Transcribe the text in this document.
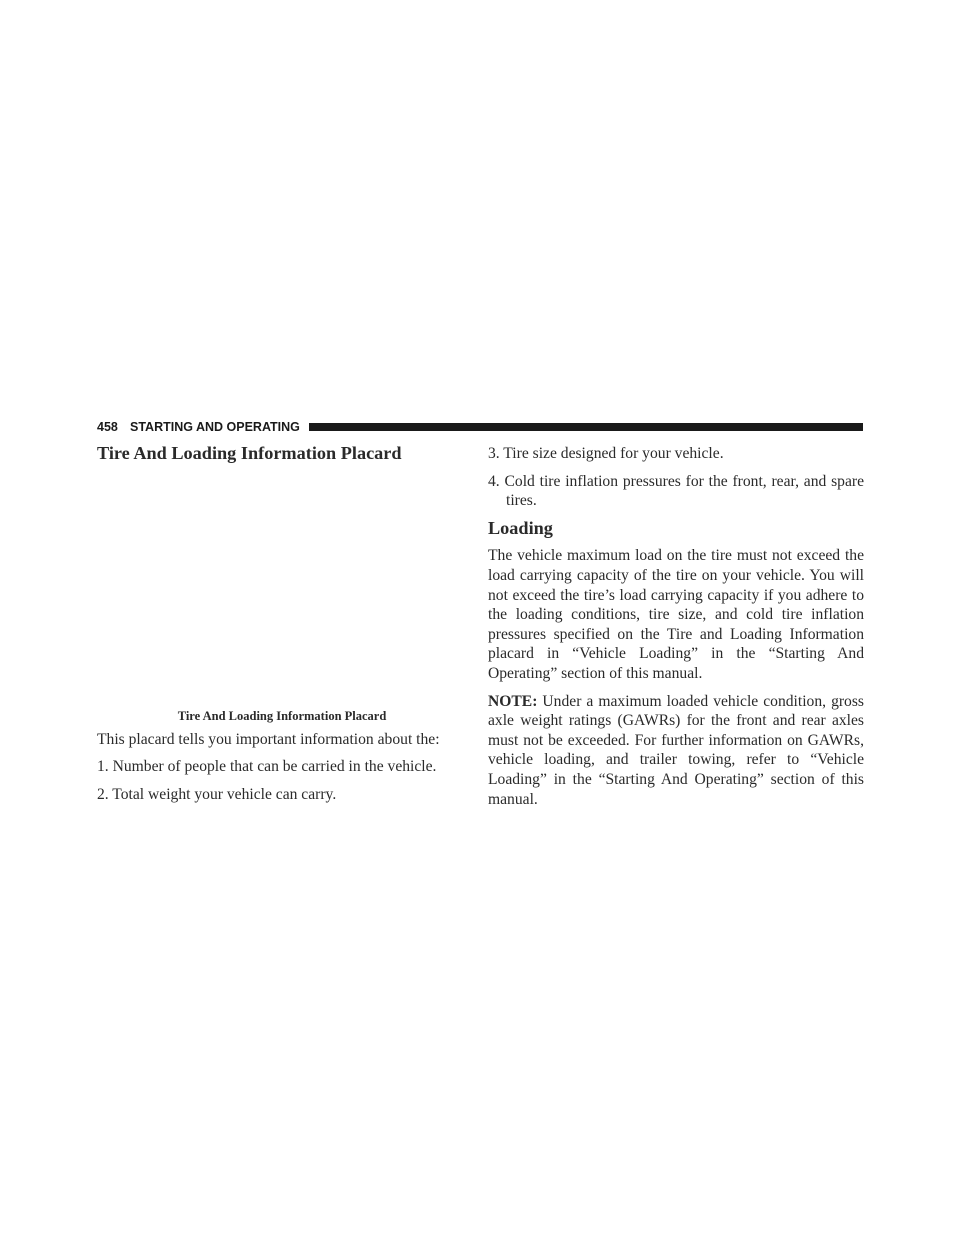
458 STARTING AND OPERATING
Tire And Loading Information Placard
Tire And Loading Information Placard

This placard tells you important information about the:

1. Number of people that can be carried in the vehicle.

2. Total weight your vehicle can carry.

3. Tire size designed for your vehicle.

4. Cold tire inflation pressures for the front, rear, and spare tires.

Loading

The vehicle maximum load on the tire must not exceed the load carrying capacity of the tire on your vehicle. You will not exceed the tire’s load carrying capacity if you adhere to the loading conditions, tire size, and cold tire inflation pressures specified on the Tire and Loading Information placard in “Vehicle Loading” in the “Starting And Operating” section of this manual.

NOTE: Under a maximum loaded vehicle condition, gross axle weight ratings (GAWRs) for the front and rear axles must not be exceeded. For further information on GAWRs, vehicle loading, and trailer towing, refer to “Vehicle Loading” in the “Starting And Operating” section of this manual.
